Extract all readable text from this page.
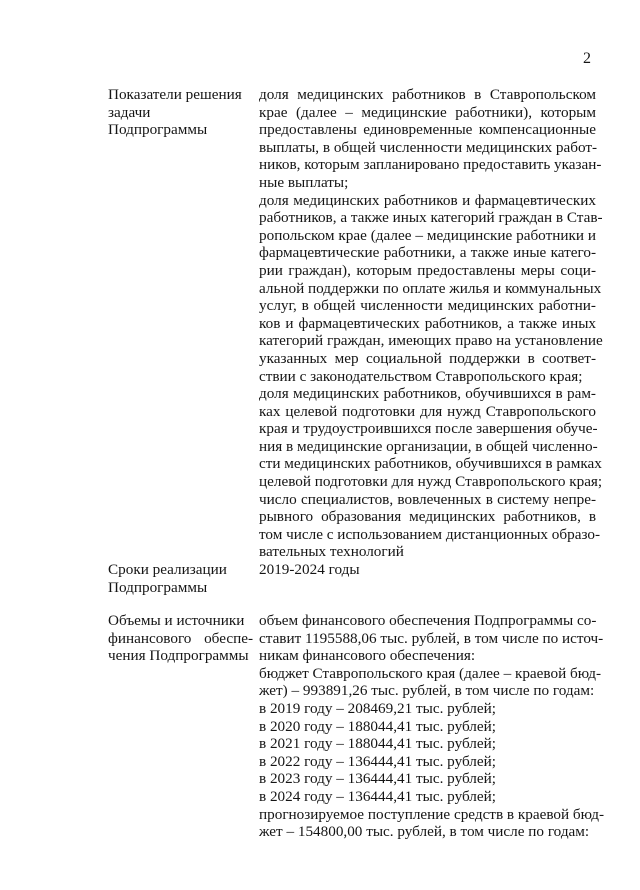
2
Показатели решения
задачи Подпрограммы
доля медицинских работников в Ставропольском
крае (далее – медицинские работники), которым
предоставлены единовременные компенсационные
выплаты, в общей численности медицинских работ-
ников, которым запланировано предоставить указан-
ные выплаты;
доля медицинских работников и фармацевтических
работников, а также иных категорий граждан в Став-
ропольском крае (далее – медицинские работники и
фармацевтические работники, а также иные катего-
рии граждан), которым предоставлены меры соци-
альной поддержки по оплате жилья и коммунальных
услуг, в общей численности медицинских работни-
ков и фармацевтических работников, а также иных
категорий граждан, имеющих право на установление
указанных мер социальной поддержки в соответ-
ствии с законодательством Ставропольского края;
доля медицинских работников, обучившихся в рам-
ках целевой подготовки для нужд Ставропольского
края и трудоустроившихся после завершения обуче-
ния в медицинские организации, в общей численно-
сти медицинских работников, обучившихся в рамках
целевой подготовки для нужд Ставропольского края;
число специалистов, вовлеченных в систему непре-
рывного образования медицинских работников, в
том числе с использованием дистанционных образо-
вательных технологий
Сроки реализации
Подпрограммы
2019-2024 годы
Объемы и источники
финансового обеспе-
чения Подпрограммы
объем финансового обеспечения Подпрограммы со-
ставит 1195588,06 тыс. рублей, в том числе по источ-
никам финансового обеспечения:
бюджет Ставропольского края (далее – краевой бюд-
жет) – 993891,26 тыс. рублей, в том числе по годам:
в 2019 году – 208469,21 тыс. рублей;
в 2020 году – 188044,41 тыс. рублей;
в 2021 году – 188044,41 тыс. рублей;
в 2022 году – 136444,41 тыс. рублей;
в 2023 году – 136444,41 тыс. рублей;
в 2024 году – 136444,41 тыс. рублей;
прогнозируемое поступление средств в краевой бюд-
жет – 154800,00 тыс. рублей, в том числе по годам:
